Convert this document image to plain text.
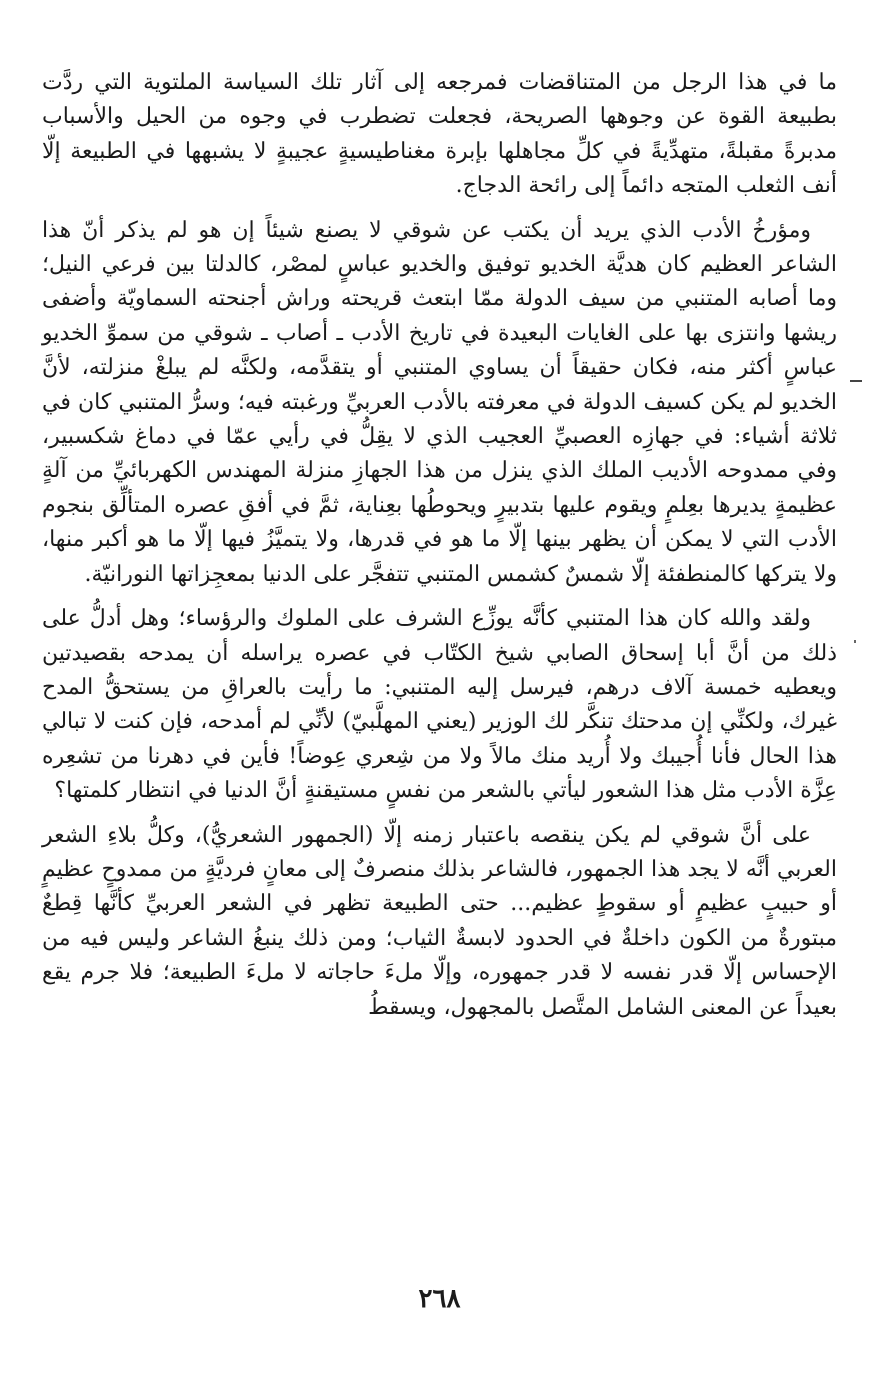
ما في هذا الرجل من المتناقضات فمرجعه إلى آثار تلك السياسة الملتوية التي ردَّت بطبيعة القوة عن وجوهها الصريحة، فجعلت تضطرب في وجوه من الحيل والأسباب مدبرةً مقبلةً، متهدِّيةً في كلِّ مجاهلها بإبرة مغناطيسيةٍ عجيبةٍ لا يشبهها في الطبيعة إلّا أنف الثعلب المتجه دائماً إلى رائحة الدجاج.

ومؤرخُ الأدب الذي يريد أن يكتب عن شوقي لا يصنع شيئاً إن هو لم يذكر أنّ هذا الشاعر العظيم كان هديَّة الخديو توفيق والخديو عباسٍ لمصْر، كالدلتا بين فرعي النيل؛ وما أصابه المتنبي من سيف الدولة ممّا ابتعث قريحته وراش أجنحته السماويّة وأضفى ريشها وانتزى بها على الغايات البعيدة في تاريخ الأدب ـ أصاب ـ شوقي من سموِّ الخديو عباسٍ أكثر منه، فكان حقيقاً أن يساوي المتنبي أو يتقدَّمه، ولكنَّه لم يبلغْ منزلته، لأنَّ الخديو لم يكن كسيف الدولة في معرفته بالأدب العربيِّ ورغبته فيه؛ وسرُّ المتنبي كان في ثلاثة أشياء: في جهازِه العصبيِّ العجيب الذي لا يقِلُّ في رأيي عمّا في دماغ شكسبير، وفي ممدوحه الأديب الملك الذي ينزل من هذا الجهازِ منزلة المهندس الكهربائيِّ من آلةٍ عظيمةٍ يديرها بعِلمٍ ويقوم عليها بتدبيرٍ ويحوطُها بعِناية، ثمَّ في أفقِ عصره المتألِّق بنجوم الأدب التي لا يمكن أن يظهر بينها إلّا ما هو في قدرها، ولا يتميَّزُ فيها إلّا ما هو أكبر منها، ولا يتركها كالمنطفئة إلّا شمسٌ كشمس المتنبي تتفجَّر على الدنيا بمعجِزاتها النورانيّة.

ولقد والله كان هذا المتنبي كأنَّه يوزِّع الشرف على الملوك والرؤساء؛ وهل أدلُّ على ذلك من أنَّ أبا إسحاق الصابي شيخ الكتّاب في عصره يراسله أن يمدحه بقصيدتين ويعطيه خمسة آلاف درهم، فيرسل إليه المتنبي: ما رأيت بالعراقِ من يستحقُّ المدح غيرك، ولكنِّي إن مدحتك تنكَّر لك الوزير (يعني المهلَّبيّ) لأنِّي لم أمدحه، فإن كنت لا تبالي هذا الحال فأنا أُجيبك ولا أُريد منك مالاً ولا من شِعري عِوضاً! فأين في دهرنا من تشعِره عِزَّة الأدب مثل هذا الشعور ليأتي بالشعر من نفسٍ مستيقنةٍ أنَّ الدنيا في انتظار كلمتها؟

على أنَّ شوقي لم يكن ينقصه باعتبار زمنه إلّا (الجمهور الشعريُّ)، وكلُّ بلاءِ الشعر العربي أنَّه لا يجد هذا الجمهور، فالشاعر بذلك منصرفٌ إلى معانٍ فرديَّةٍ من ممدوحٍ عظيمٍ أو حبيبٍ عظيمٍ أو سقوطٍ عظيم... حتى الطبيعة تظهر في الشعر العربيِّ كأنَّها قِطعٌ مبتورةٌ من الكون داخلةٌ في الحدود لابسةٌ الثياب؛ ومن ذلك ينبغُ الشاعر وليس فيه من الإحساس إلّا قدر نفسه لا قدر جمهوره، وإلّا ملءَ حاجاته لا ملءَ الطبيعة؛ فلا جرم يقع بعيداً عن المعنى الشامل المتَّصل بالمجهول، ويسقطُ

٢٦٨
